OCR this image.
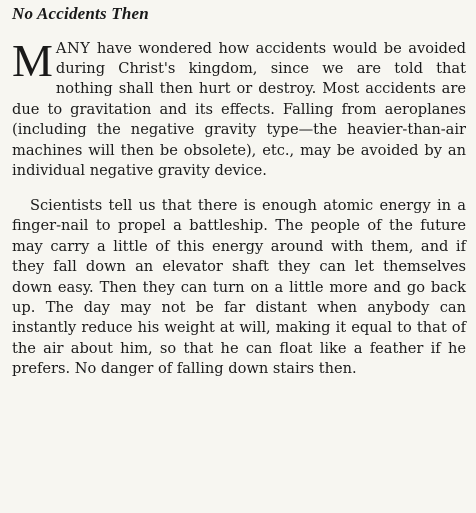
No Accidents Then

MANY have wondered how accidents would be avoided during Christ's kingdom, since we are told that nothing shall then hurt or destroy. Most accidents are due to gravitation and its effects. Falling from aeroplanes (including the negative gravity type—the heavier-than-air machines will then be obsolete), etc., may be avoided by an individual negative gravity device.

Scientists tell us that there is enough atomic energy in a finger-nail to propel a battleship. The people of the future may carry a little of this energy around with them, and if they fall down an elevator shaft they can let themselves down easy. Then they can turn on a little more and go back up. The day may not be far distant when anybody can instantly reduce his weight at will, making it equal to that of the air about him, so that he can float like a feather if he prefers. No danger of falling down stairs then.
